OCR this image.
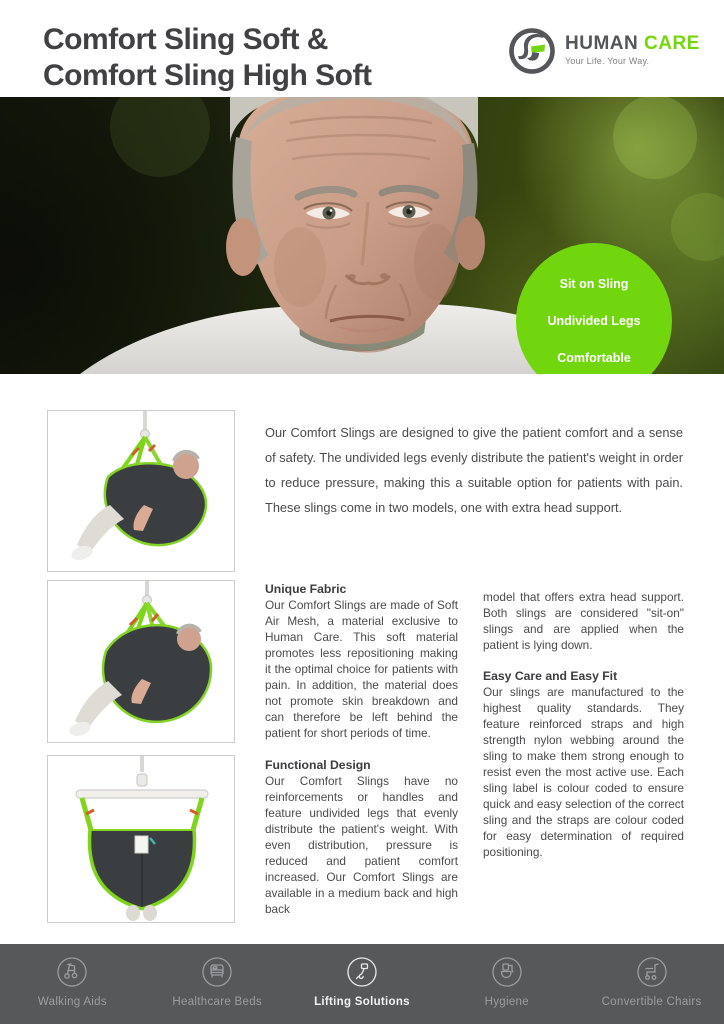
Comfort Sling Soft &
Comfort Sling High Soft
HUMAN CARE
Your Life. Your Way.
Sit on Sling
Undivided Legs
Comfortable

Our Comfort Slings are designed to give the patient comfort and a sense of safety. The undivided legs evenly distribute the patient's weight in order to reduce pressure, making this a suitable option for patients with pain. These slings come in two models, one with extra head support.

Unique Fabric

Our Comfort Slings are made of Soft Air Mesh, a material exclusive to Human Care. This soft material promotes less repositioning making it the optimal choice for patients with pain. In addition, the material does not promote skin breakdown and can therefore be left behind the patient for short periods of time.

Functional Design

Our Comfort Slings have no reinforcements or handles and feature undivided legs that evenly distribute the patient's weight. With even distribution, pressure is reduced and patient comfort increased. Our Comfort Slings are available in a medium back and high back

model that offers extra head support. Both slings are considered "sit-on" slings and are applied when the patient is lying down.

Easy Care and Easy Fit

Our slings are manufactured to the highest quality standards. They feature reinforced straps and high strength nylon webbing around the sling to make them strong enough to resist even the most active use. Each sling label is colour coded to ensure quick and easy selection of the correct sling and the straps are colour coded for easy determination of required positioning.

Walking Aids	Healthcare Beds	Lifting Solutions	Hygiene	Convertible Chairs
